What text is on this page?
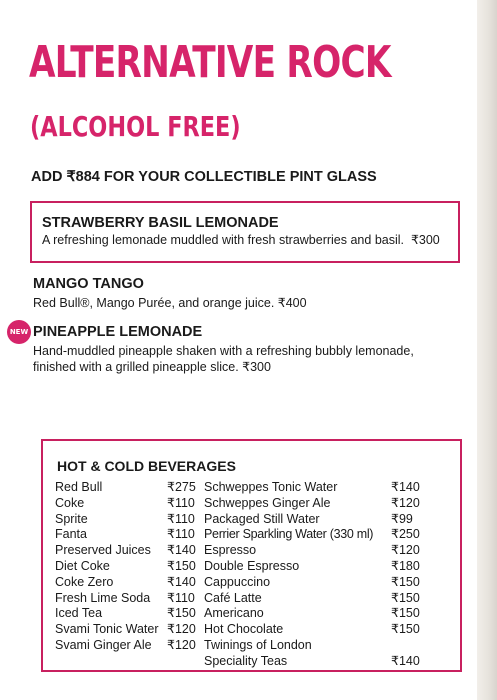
ALTERNATIVE ROCK
(ALCOHOL FREE)
ADD ₹884 FOR YOUR COLLECTIBLE PINT GLASS
STRAWBERRY BASIL LEMONADE
A refreshing lemonade muddled with fresh strawberries and basil. ₹300
MANGO TANGO
Red Bull®, Mango Purée, and orange juice. ₹400
NEW PINEAPPLE LEMONADE
Hand-muddled pineapple shaken with a refreshing bubbly lemonade,
finished with a grilled pineapple slice. ₹300
HOT & COLD BEVERAGES
Red Bull	₹275
Coke	₹110
Sprite	₹110
Fanta	₹110
Preserved Juices ₹140
Diet Coke	₹150
Coke Zero	₹140
Fresh Lime Soda ₹110
Iced Tea	₹150
Svami Tonic Water ₹120
Svami Ginger Ale ₹120
Schweppes Tonic Water	₹140
Schweppes Ginger Ale	₹120
Packaged Still Water	₹99
Perrier Sparkling Water (330 ml) ₹250
Espresso	₹120
Double Espresso	₹180
Cappuccino	₹150
Café Latte	₹150
Americano	₹150
Hot Chocolate	₹150
Twinings of London
Speciality Teas	₹140
